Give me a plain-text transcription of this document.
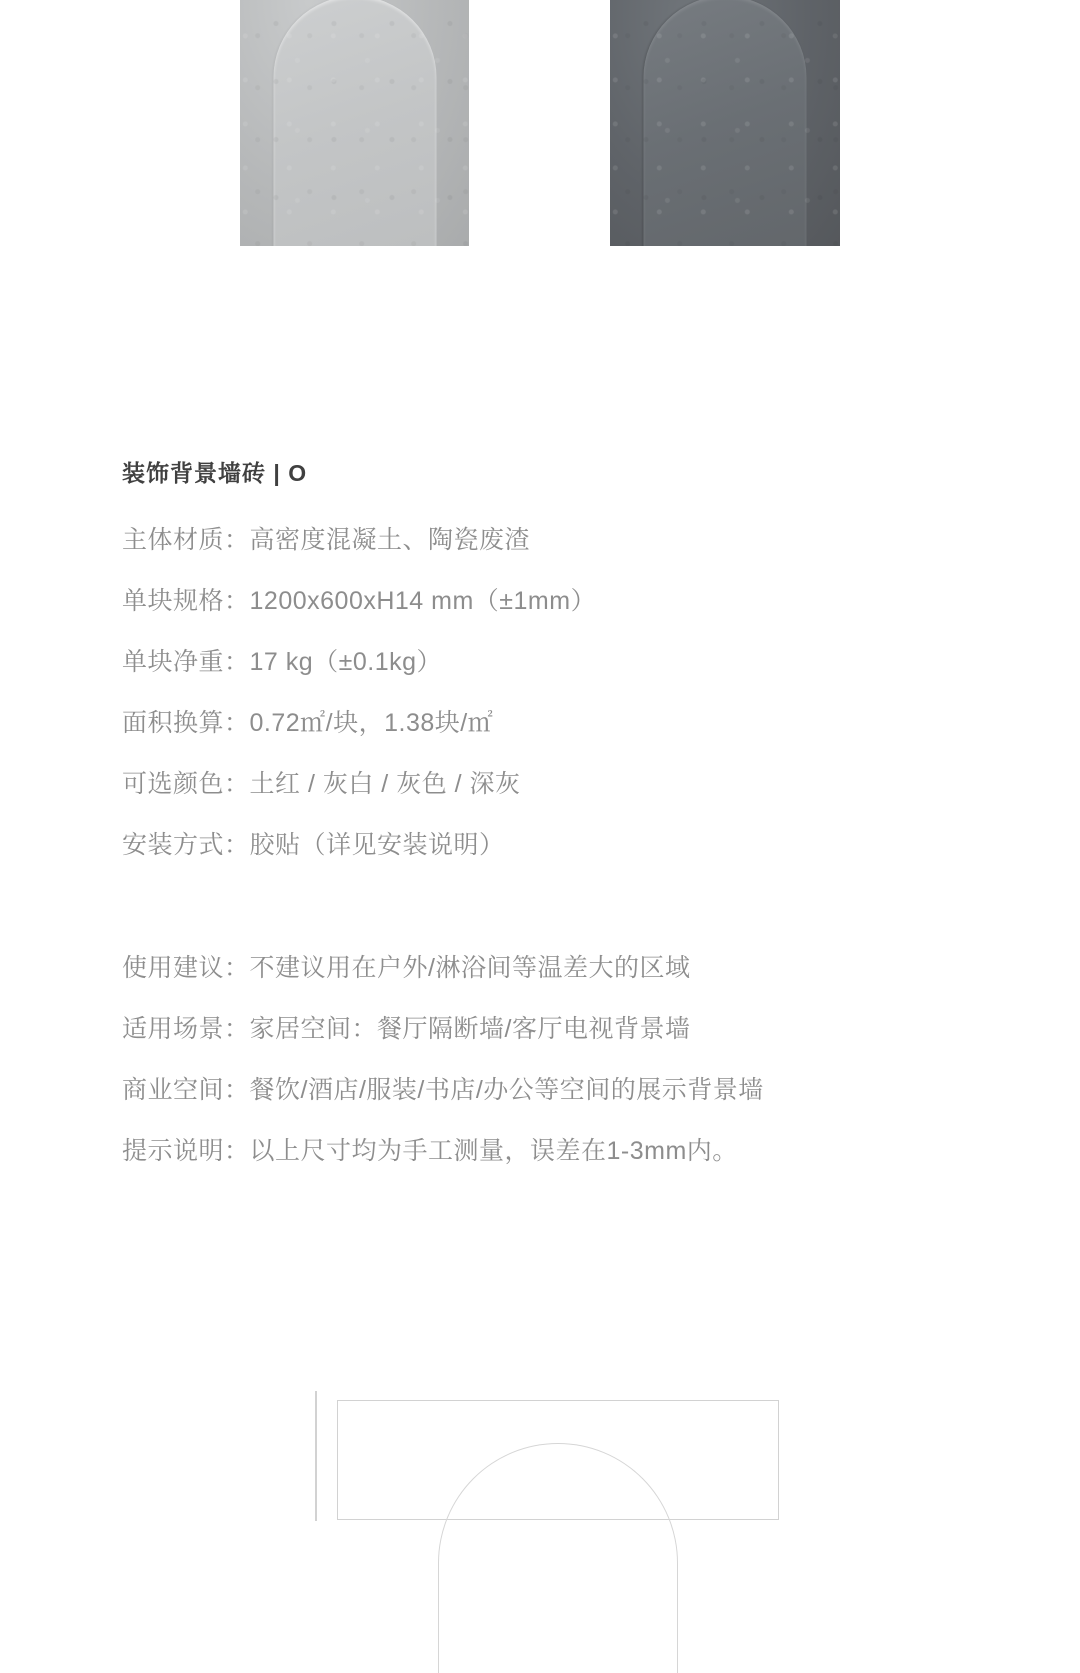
装饰背景墙砖 | O
主体材质：高密度混凝土、陶瓷废渣
单块规格：1200x600xH14 mm（±1mm）
单块净重：17 kg（±0.1kg）
面积换算：0.72㎡/块，1.38块/㎡
可选颜色：土红 / 灰白 / 灰色 / 深灰
安装方式：胶贴（详见安装说明）
使用建议：不建议用在户外/淋浴间等温差大的区域
适用场景：家居空间：餐厅隔断墙/客厅电视背景墙
商业空间：餐饮/酒店/服装/书店/办公等空间的展示背景墙
提示说明：以上尺寸均为手工测量，误差在1-3mm内。
